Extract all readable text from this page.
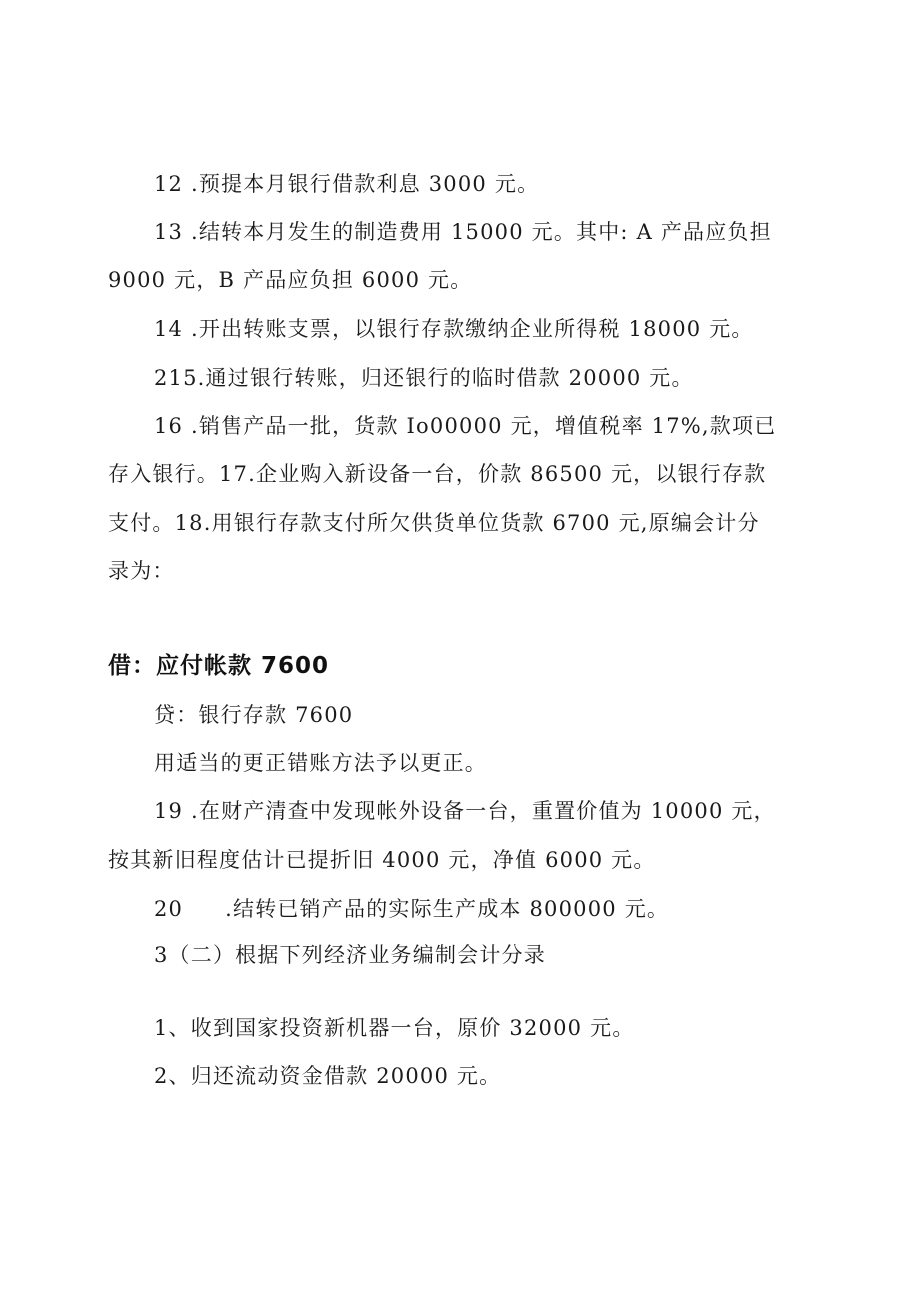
12 .预提本月银行借款利息 3000 元。

13 .结转本月发生的制造费用 15000 元。其中: A 产品应负担

9000 元，B 产品应负担 6000 元。

14 .开出转账支票，以银行存款缴纳企业所得税 18000 元。

215.通过银行转账，归还银行的临时借款 20000 元。

16 .销售产品一批，货款 Io00000 元，增值税率 17%,款项已

存入银行。17.企业购入新设备一台，价款 86500 元，以银行存款

支付。18.用银行存款支付所欠供货单位货款 6700 元,原编会计分

录为：

借：应付帐款 7600

贷：银行存款 7600

用适当的更正错账方法予以更正。

19 .在财产清查中发现帐外设备一台，重置价值为 10000 元，

按其新旧程度估计已提折旧 4000 元，净值 6000 元。

20 .结转已销产品的实际生产成本 800000 元。

3（二）根据下列经济业务编制会计分录

1、收到国家投资新机器一台，原价 32000 元。

2、归还流动资金借款 20000 元。
